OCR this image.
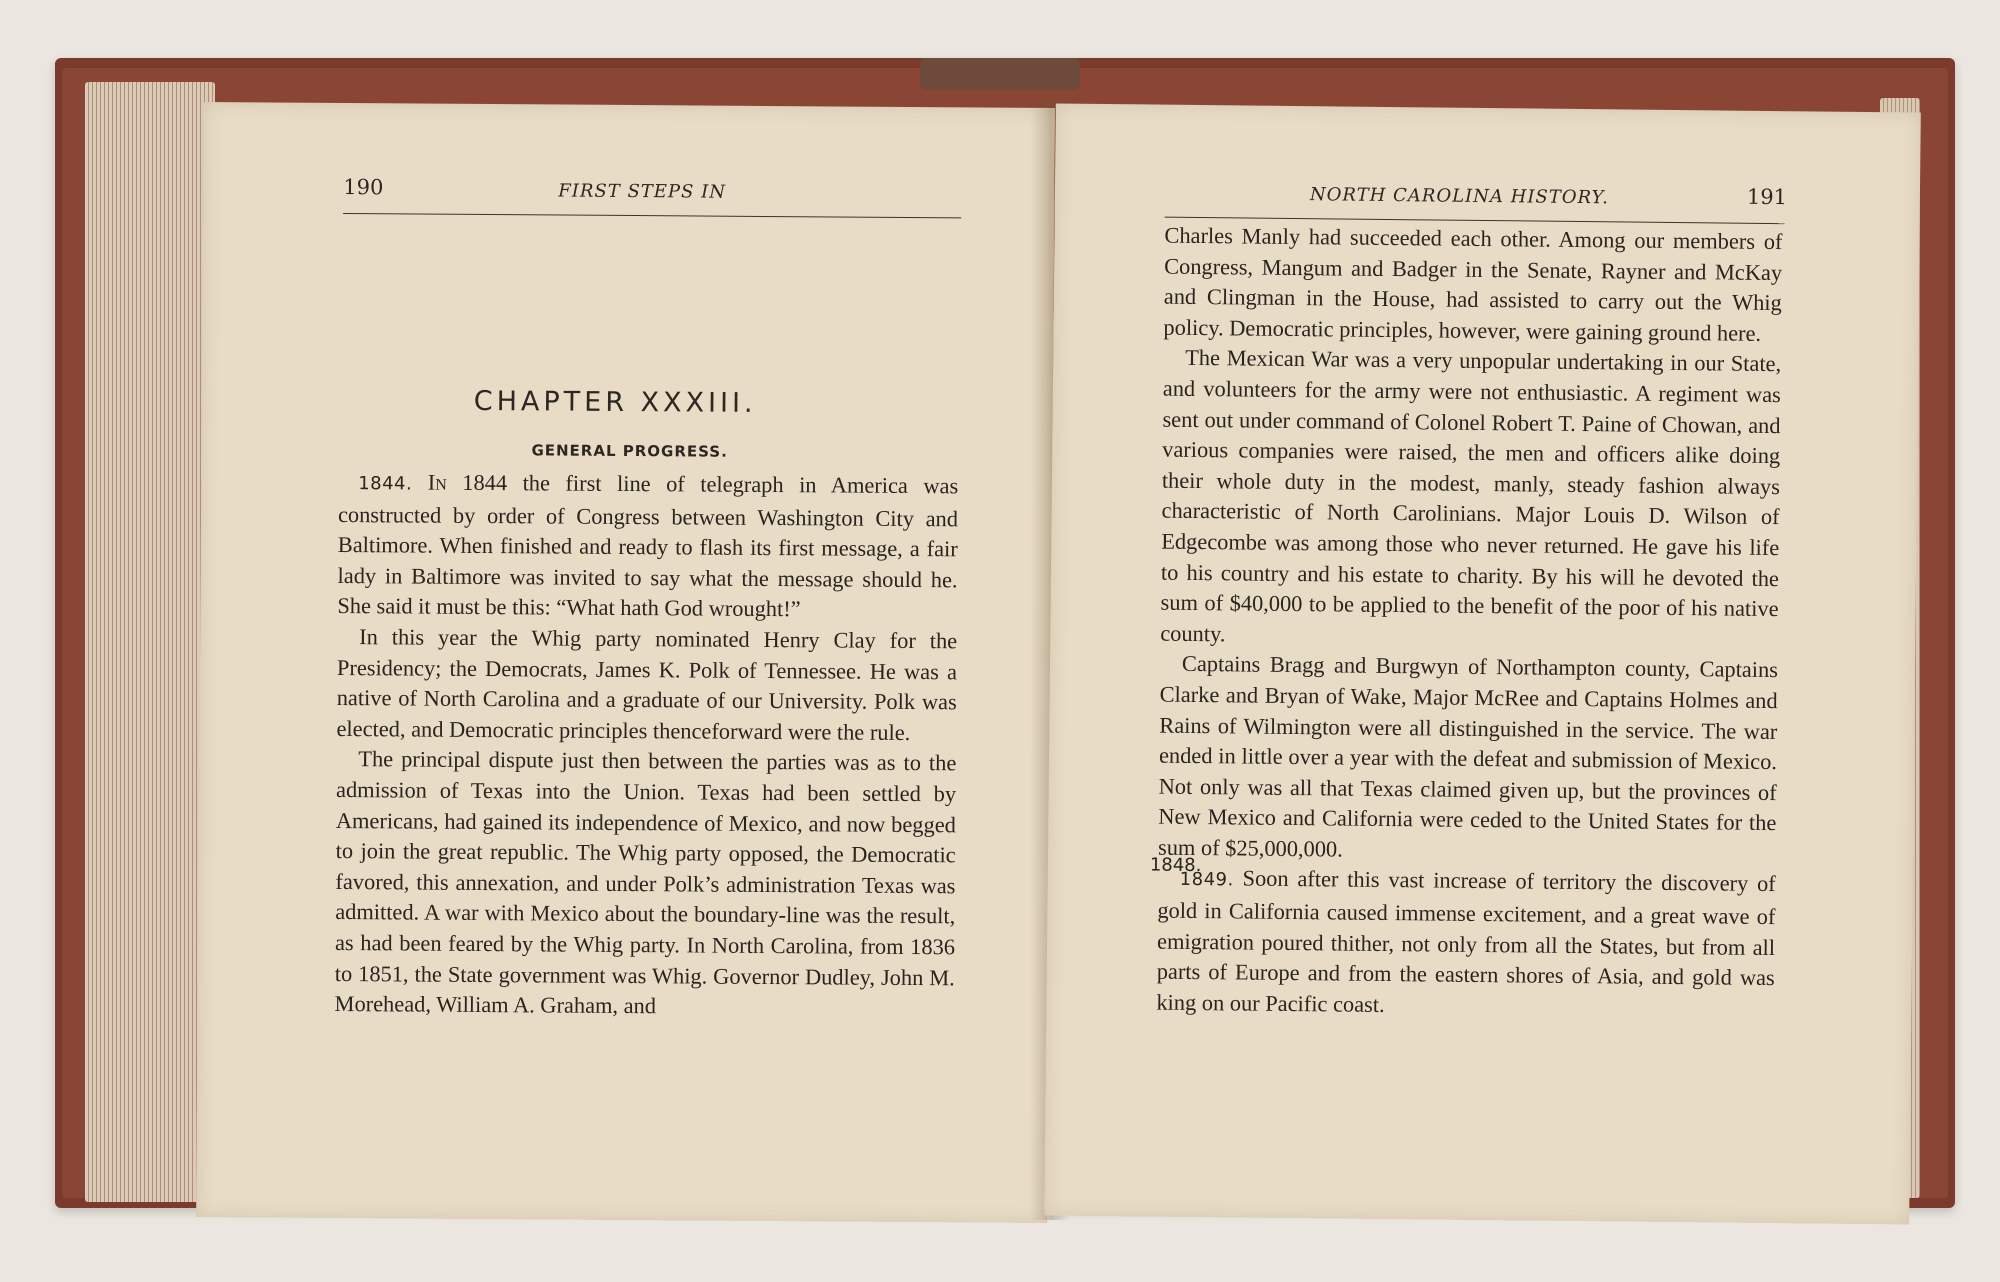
190	FIRST STEPS IN
CHAPTER XXXIII.
GENERAL PROGRESS.

1844. In 1844 the first line of telegraph in America was constructed by order of Congress between Washington City and Baltimore. When finished and ready to flash its first message, a fair lady in Baltimore was invited to say what the message should he. She said it must be this: “What hath God wrought!”

In this year the Whig party nominated Henry Clay for the Presidency; the Democrats, James K. Polk of Tennessee. He was a native of North Carolina and a graduate of our University. Polk was elected, and Democratic principles thenceforward were the rule.

The principal dispute just then between the parties was as to the admission of Texas into the Union. Texas had been settled by Americans, had gained its independence of Mexico, and now begged to join the great republic. The Whig party opposed, the Democratic favored, this annexation, and under Polk’s administration Texas was admitted. A war with Mexico about the boundary-line was the result, as had been feared by the Whig party. In North Carolina, from 1836 to 1851, the State government was Whig. Governor Dudley, John M. Morehead, William A. Graham, and

NORTH CAROLINA HISTORY.	191

Charles Manly had succeeded each other. Among our members of Congress, Mangum and Badger in the Senate, Rayner and McKay and Clingman in the House, had assisted to carry out the Whig policy. Democratic principles, however, were gaining ground here.

The Mexican War was a very unpopular undertaking in our State, and volunteers for the army were not enthusiastic. A regiment was sent out under command of Colonel Robert T. Paine of Chowan, and various companies were raised, the men and officers alike doing their whole duty in the modest, manly, steady fashion always characteristic of North Carolinians. Major Louis D. Wilson of Edgecombe was among those who never returned. He gave his life to his country and his estate to charity. By his will he devoted the sum of $40,000 to be applied to the benefit of the poor of his native county.

Captains Bragg and Burgwyn of Northampton county, Captains Clarke and Bryan of Wake, Major McRee and Captains Holmes and Rains of Wilmington were all distinguished in the service. The war ended in little over a year with the defeat and submission of Mexico. Not only was all that Texas claimed given up, but the provinces of New Mexico and California were ceded to the United States for the sum of $25,000,000.

1849. Soon after this vast increase of territory the discovery of gold in California caused immense excitement, and a great wave of emigration poured thither, not only from all the States, but from all parts of Europe and from the eastern shores of Asia, and gold was king on our Pacific coast.

1848.
